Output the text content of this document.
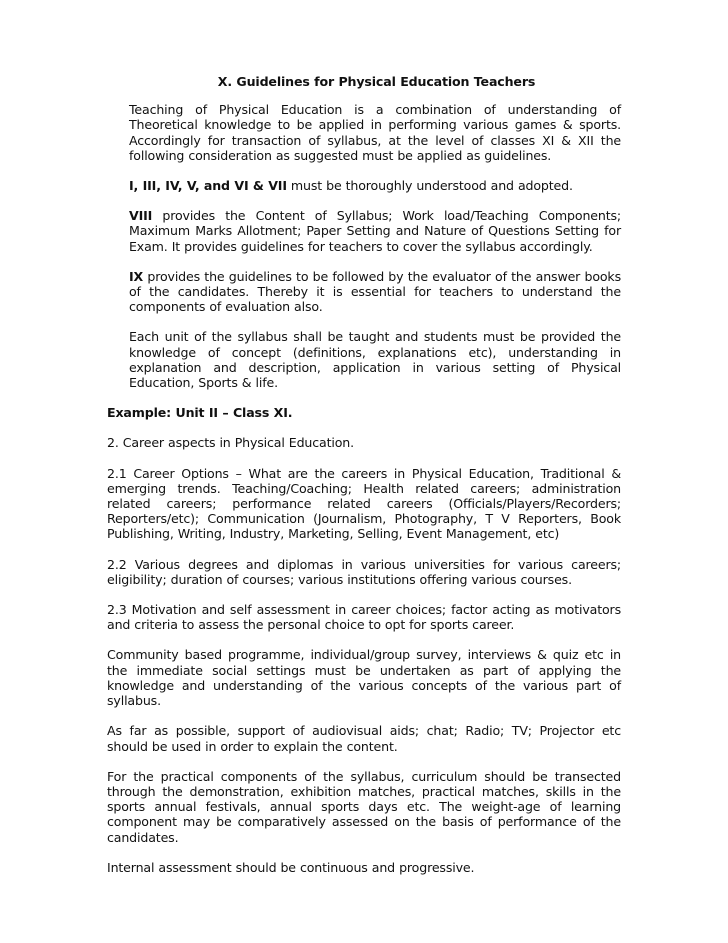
X. Guidelines for Physical Education Teachers

Teaching of Physical Education is a combination of understanding of Theoretical knowledge to be applied in performing various games & sports. Accordingly for transaction of syllabus, at the level of classes XI & XII the following consideration as suggested must be applied as guidelines.

I, III, IV, V, and VI & VII must be thoroughly understood and adopted.

VIII provides the Content of Syllabus; Work load/Teaching Components; Maximum Marks Allotment; Paper Setting and Nature of Questions Setting for Exam. It provides guidelines for teachers to cover the syllabus accordingly.

IX provides the guidelines to be followed by the evaluator of the answer books of the candidates. Thereby it is essential for teachers to understand the components of evaluation also.

Each unit of the syllabus shall be taught and students must be provided the knowledge of concept (definitions, explanations etc), understanding in explanation and description, application in various setting of Physical Education, Sports & life.

Example: Unit II – Class XI.

2. Career aspects in Physical Education.

2.1 Career Options – What are the careers in Physical Education, Traditional & emerging trends. Teaching/Coaching; Health related careers; administration related careers; performance related careers (Officials/Players/Recorders; Reporters/etc); Communication (Journalism, Photography, T V Reporters, Book Publishing, Writing, Industry, Marketing, Selling, Event Management, etc)

2.2 Various degrees and diplomas in various universities for various careers; eligibility; duration of courses; various institutions offering various courses.

2.3 Motivation and self assessment in career choices; factor acting as motivators and criteria to assess the personal choice to opt for sports career.

Community based programme, individual/group survey, interviews & quiz etc in the immediate social settings must be undertaken as part of applying the knowledge and understanding of the various concepts of the various part of syllabus.

As far as possible, support of audiovisual aids; chat; Radio; TV; Projector etc should be used in order to explain the content.

For the practical components of the syllabus, curriculum should be transected through the demonstration, exhibition matches, practical matches, skills in the sports annual festivals, annual sports days etc. The weight-age of learning component may be comparatively assessed on the basis of performance of the candidates.

Internal assessment should be continuous and progressive.
